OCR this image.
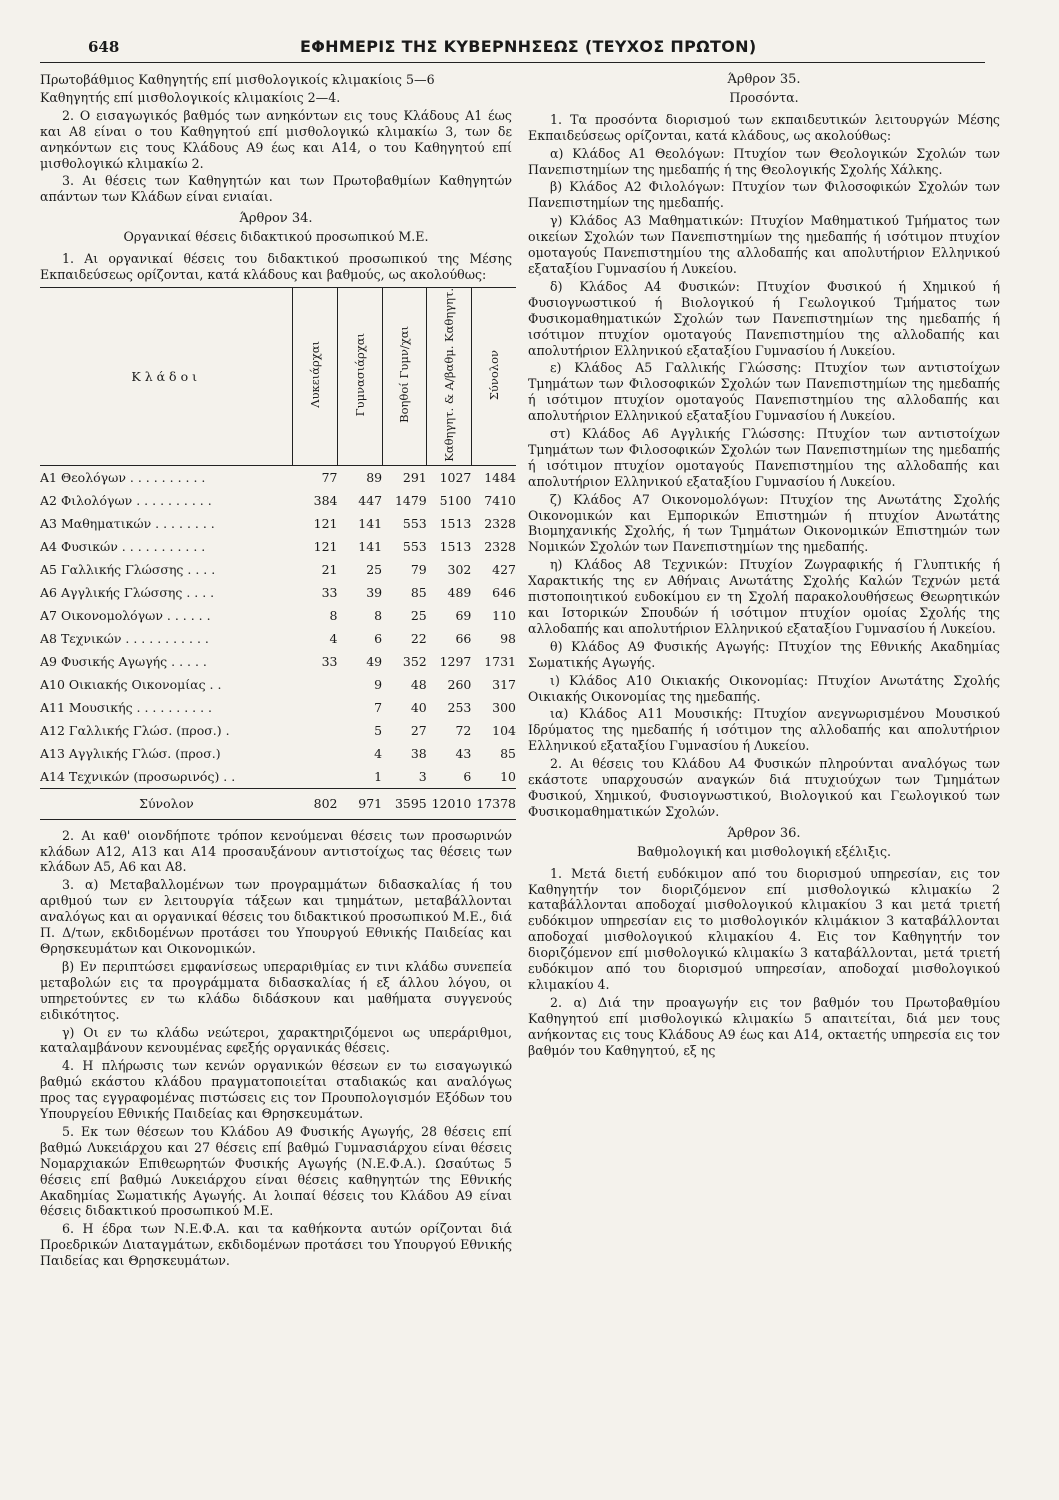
648	ΕΦΗΜΕΡΙΣ ΤΗΣ ΚΥΒΕΡΝΗΣΕΩΣ (ΤΕΥΧΟΣ ΠΡΩΤΟΝ)

Πρωτοβάθμιος Καθηγητής επί μισθολογικοίς κλιμακίοις 5—6

Καθηγητής επί μισθολογικοίς κλιμακίοις 2—4.

2. Ο εισαγωγικός βαθμός των ανηκόντων εις τους Κλάδους Α1 έως και Α8 είναι ο του Καθηγητού επί μισθολογικώ κλιμακίω 3, των δε ανηκόντων εις τους Κλάδους Α9 έως και Α14, ο του Καθηγητού επί μισθολογικώ κλιμακίω 2.

3. Αι θέσεις των Καθηγητών και των Πρωτοβαθμίων Καθηγητών απάντων των Κλάδων είναι ενιαίαι.

Άρθρον 34.

Οργανικαί θέσεις διδακτικού προσωπικού Μ.Ε.

1. Αι οργανικαί θέσεις του διδακτικού προσωπικού της Μέσης Εκπαιδεύσεως ορίζονται, κατά κλάδους και βαθμούς, ως ακολούθως:

Κλάδοι	Λυκειάρχαι	Γυμνασιάρχαι	Βοηθοί Γυμν/χαι	Καθηγητ. & Α/βαθμ. Καθηγητ.	Σύνολον
Α1 Θεολόγων . . . . . . . . . .	77	89	291	1027	1484
Α2 Φιλολόγων . . . . . . . . . .	384	447	1479	5100	7410
Α3 Μαθηματικών . . . . . . . .	121	141	553	1513	2328
Α4 Φυσικών . . . . . . . . . . .	121	141	553	1513	2328
Α5 Γαλλικής Γλώσσης . . . .	21	25	79	302	427
Α6 Αγγλικής Γλώσσης . . . .	33	39	85	489	646
Α7 Οικονομολόγων . . . . . .	8	8	25	69	110
Α8 Τεχνικών . . . . . . . . . . .	4	6	22	66	98
Α9 Φυσικής Αγωγής . . . . .	33	49	352	1297	1731
Α10 Οικιακής Οικονομίας . .		9	48	260	317
Α11 Μουσικής . . . . . . . . . .		7	40	253	300
Α12 Γαλλικής Γλώσ. (προσ.) .		5	27	72	104
Α13 Αγγλικής Γλώσ. (προσ.)		4	38	43	85
Α14 Τεχνικών (προσωρινός) . .		1	3	6	10
Σύνολον	802	971	3595	12010	17378

2. Αι καθ' οιονδήποτε τρόπον κενούμεναι θέσεις των προσωρινών κλάδων Α12, Α13 και Α14 προσαυξάνουν αντιστοίχως τας θέσεις των κλάδων Α5, Α6 και Α8.

3. α) Μεταβαλλομένων των προγραμμάτων διδασκαλίας ή του αριθμού των εν λειτουργία τάξεων και τμημάτων, μεταβάλλονται αναλόγως και αι οργανικαί θέσεις του διδακτικού προσωπικού Μ.Ε., διά Π. Δ/των, εκδιδομένων προτάσει του Υπουργού Εθνικής Παιδείας και Θρησκευμάτων και Οικονομικών.

β) Εν περιπτώσει εμφανίσεως υπεραριθμίας εν τινι κλάδω συνεπεία μεταβολών εις τα προγράμματα διδασκαλίας ή εξ άλλου λόγου, οι υπηρετούντες εν τω κλάδω διδάσκουν και μαθήματα συγγενούς ειδικότητος.

γ) Οι εν τω κλάδω νεώτεροι, χαρακτηριζόμενοι ως υπεράριθμοι, καταλαμβάνουν κενουμένας εφεξής οργανικάς θέσεις.

4. Η πλήρωσις των κενών οργανικών θέσεων εν τω εισαγωγικώ βαθμώ εκάστου κλάδου πραγματοποιείται σταδιακώς και αναλόγως προς τας εγγραφομένας πιστώσεις εις τον Προυπολογισμόν Εξόδων του Υπουργείου Εθνικής Παιδείας και Θρησκευμάτων.

5. Εκ των θέσεων του Κλάδου Α9 Φυσικής Αγωγής, 28 θέσεις επί βαθμώ Λυκειάρχου και 27 θέσεις επί βαθμώ Γυμνασιάρχου είναι θέσεις Νομαρχιακών Επιθεωρητών Φυσικής Αγωγής (Ν.Ε.Φ.Α.). Ωσαύτως 5 θέσεις επί βαθμώ Λυκειάρχου είναι θέσεις καθηγητών της Εθνικής Ακαδημίας Σωματικής Αγωγής. Αι λοιπαί θέσεις του Κλάδου Α9 είναι θέσεις διδακτικού προσωπικού Μ.Ε.

6. Η έδρα των Ν.Ε.Φ.Α. και τα καθήκοντα αυτών ορίζονται διά Προεδρικών Διαταγμάτων, εκδιδομένων προτάσει του Υπουργού Εθνικής Παιδείας και Θρησκευμάτων.

Άρθρον 35.

Προσόντα.

1. Τα προσόντα διορισμού των εκπαιδευτικών λειτουργών Μέσης Εκπαιδεύσεως ορίζονται, κατά κλάδους, ως ακολούθως:

α) Κλάδος Α1 Θεολόγων: Πτυχίον των Θεολογικών Σχολών των Πανεπιστημίων της ημεδαπής ή της Θεολογικής Σχολής Χάλκης.

β) Κλάδος Α2 Φιλολόγων: Πτυχίον των Φιλοσοφικών Σχολών των Πανεπιστημίων της ημεδαπής.

γ) Κλάδος Α3 Μαθηματικών: Πτυχίον Μαθηματικού Τμήματος των οικείων Σχολών των Πανεπιστημίων της ημεδαπής ή ισότιμον πτυχίον ομοταγούς Πανεπιστημίου της αλλοδαπής και απολυτήριον Ελληνικού εξαταξίου Γυμνασίου ή Λυκείου.

δ) Κλάδος Α4 Φυσικών: Πτυχίον Φυσικού ή Χημικού ή Φυσιογνωστικού ή Βιολογικού ή Γεωλογικού Τμήματος των Φυσικομαθηματικών Σχολών των Πανεπιστημίων της ημεδαπής ή ισότιμον πτυχίον ομοταγούς Πανεπιστημίου της αλλοδαπής και απολυτήριον Ελληνικού εξαταξίου Γυμνασίου ή Λυκείου.

ε) Κλάδος Α5 Γαλλικής Γλώσσης: Πτυχίον των αντιστοίχων Τμημάτων των Φιλοσοφικών Σχολών των Πανεπιστημίων της ημεδαπής ή ισότιμον πτυχίον ομοταγούς Πανεπιστημίου της αλλοδαπής και απολυτήριον Ελληνικού εξαταξίου Γυμνασίου ή Λυκείου.

στ) Κλάδος Α6 Αγγλικής Γλώσσης: Πτυχίον των αντιστοίχων Τμημάτων των Φιλοσοφικών Σχολών των Πανεπιστημίων της ημεδαπής ή ισότιμον πτυχίον ομοταγούς Πανεπιστημίου της αλλοδαπής και απολυτήριον Ελληνικού εξαταξίου Γυμνασίου ή Λυκείου.

ζ) Κλάδος Α7 Οικονομολόγων: Πτυχίον της Ανωτάτης Σχολής Οικονομικών και Εμπορικών Επιστημών ή πτυχίον Ανωτάτης Βιομηχανικής Σχολής, ή των Τμημάτων Οικονομικών Επιστημών των Νομικών Σχολών των Πανεπιστημίων της ημεδαπής.

η) Κλάδος Α8 Τεχνικών: Πτυχίον Ζωγραφικής ή Γλυπτικής ή Χαρακτικής της εν Αθήναις Ανωτάτης Σχολής Καλών Τεχνών μετά πιστοποιητικού ευδοκίμου εν τη Σχολή παρακολουθήσεως Θεωρητικών και Ιστορικών Σπουδών ή ισότιμον πτυχίον ομοίας Σχολής της αλλοδαπής και απολυτήριον Ελληνικού εξαταξίου Γυμνασίου ή Λυκείου.

θ) Κλάδος Α9 Φυσικής Αγωγής: Πτυχίον της Εθνικής Ακαδημίας Σωματικής Αγωγής.

ι) Κλάδος Α10 Οικιακής Οικονομίας: Πτυχίον Ανωτάτης Σχολής Οικιακής Οικονομίας της ημεδαπής.

ια) Κλάδος Α11 Μουσικής: Πτυχίον ανεγνωρισμένου Μουσικού Ιδρύματος της ημεδαπής ή ισότιμον της αλλοδαπής και απολυτήριον Ελληνικού εξαταξίου Γυμνασίου ή Λυκείου.

2. Αι θέσεις του Κλάδου Α4 Φυσικών πληρούνται αναλόγως των εκάστοτε υπαρχουσών αναγκών διά πτυχιούχων των Τμημάτων Φυσικού, Χημικού, Φυσιογνωστικού, Βιολογικού και Γεωλογικού των Φυσικομαθηματικών Σχολών.

Άρθρον 36.

Βαθμολογική και μισθολογική εξέλιξις.

1. Μετά διετή ευδόκιμον από του διορισμού υπηρεσίαν, εις τον Καθηγητήν τον διοριζόμενον επί μισθολογικώ κλιμακίω 2 καταβάλλονται αποδοχαί μισθολογικού κλιμακίου 3 και μετά τριετή ευδόκιμον υπηρεσίαν εις το μισθολογικόν κλιμάκιον 3 καταβάλλονται αποδοχαί μισθολογικού κλιμακίου 4. Εις τον Καθηγητήν τον διοριζόμενον επί μισθολογικώ κλιμακίω 3 καταβάλλονται, μετά τριετή ευδόκιμον από του διορισμού υπηρεσίαν, αποδοχαί μισθολογικού κλιμακίου 4.

2. α) Διά την προαγωγήν εις τον βαθμόν του Πρωτοβαθμίου Καθηγητού επί μισθολογικώ κλιμακίω 5 απαιτείται, διά μεν τους ανήκοντας εις τους Κλάδους Α9 έως και Α14, οκταετής υπηρεσία εις τον βαθμόν του Καθηγητού, εξ ης
